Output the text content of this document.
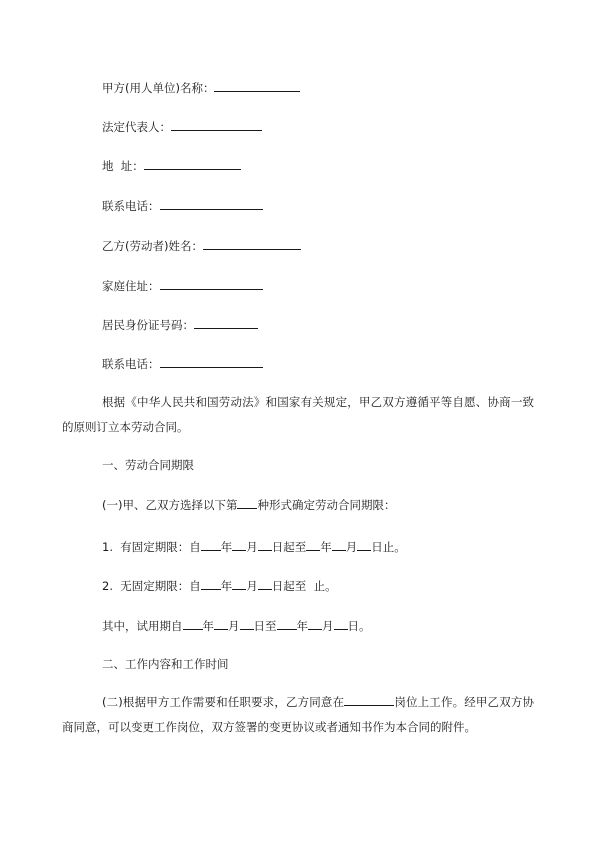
甲方(用人单位)名称：
法定代表人：
地  址：
联系电话：
乙方(劳动者)姓名：
家庭住址：
居民身份证号码：
联系电话：
根据《中华人民共和国劳动法》和国家有关规定，甲乙双方遵循平等自愿、协商一致的原则订立本劳动合同。
一、劳动合同期限
(一)甲、乙双方选择以下第 种形式确定劳动合同期限：
1.  有固定期限：自 年 月 日起至 年 月 日止。
2.  无固定期限：自 年 月 日起至  止。
其中，试用期自 年 月 日至 年 月 日。
二、工作内容和工作时间
(二)根据甲方工作需要和任职要求，乙方同意在	岗位上工作。经甲乙双方协商同意，可以变更工作岗位，双方签署的变更协议或者通知书作为本合同的附件。
